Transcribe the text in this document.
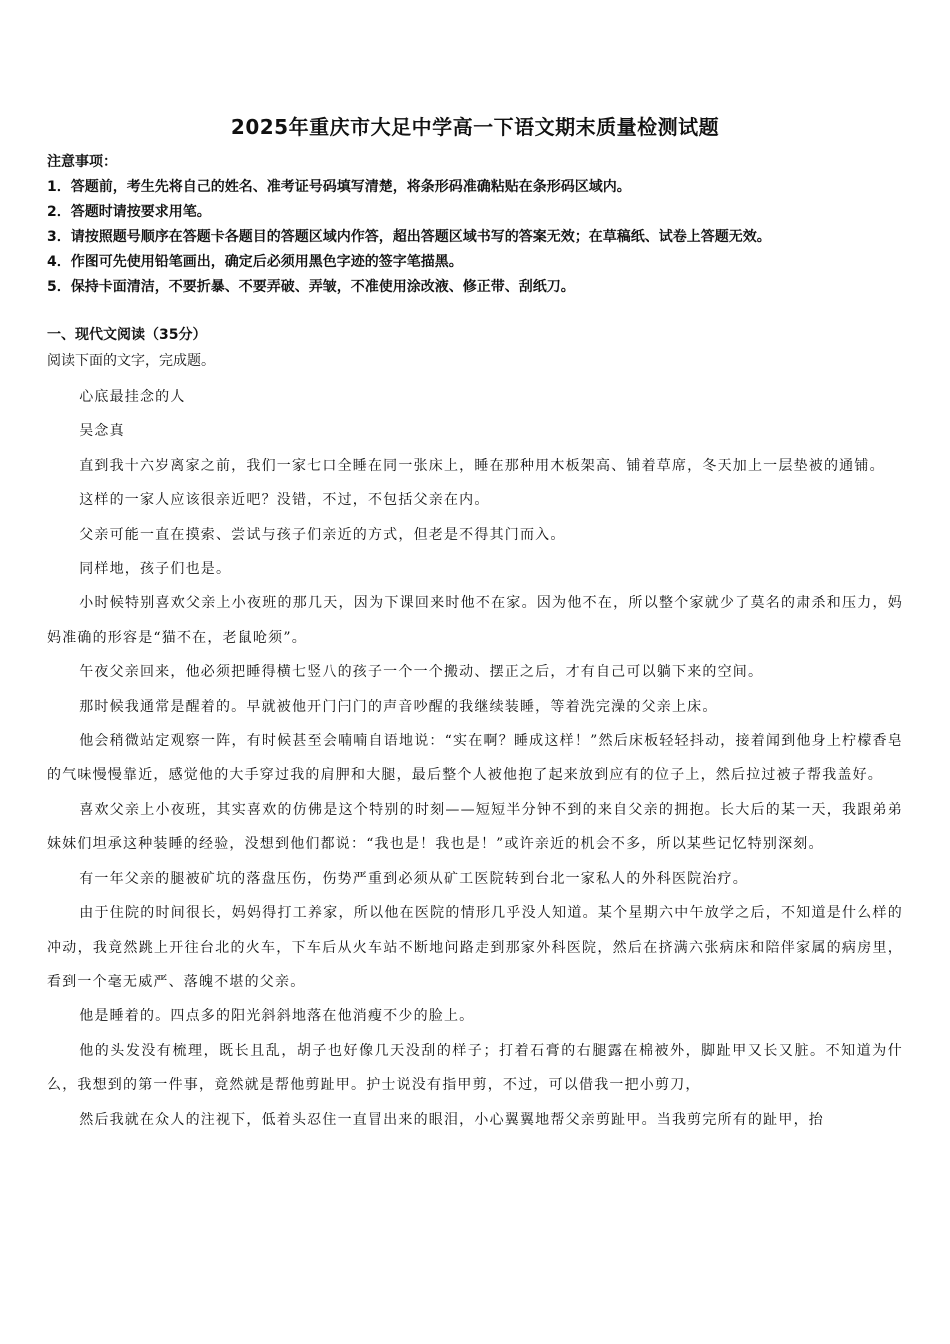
2025年重庆市大足中学高一下语文期末质量检测试题
注意事项：
1．答题前，考生先将自己的姓名、准考证号码填写清楚，将条形码准确粘贴在条形码区域内。
2．答题时请按要求用笔。
3．请按照题号顺序在答题卡各题目的答题区域内作答，超出答题区域书写的答案无效；在草稿纸、试卷上答题无效。
4．作图可先使用铅笔画出，确定后必须用黑色字迹的签字笔描黑。
5．保持卡面清洁，不要折暴、不要弄破、弄皱，不准使用涂改液、修正带、刮纸刀。
一、现代文阅读（35分）
阅读下面的文字，完成题。

心底最挂念的人

吴念真

直到我十六岁离家之前，我们一家七口全睡在同一张床上，睡在那种用木板架高、铺着草席，冬天加上一层垫被的通铺。

这样的一家人应该很亲近吧？没错，不过，不包括父亲在内。

父亲可能一直在摸索、尝试与孩子们亲近的方式，但老是不得其门而入。

同样地，孩子们也是。

小时候特别喜欢父亲上小夜班的那几天，因为下课回来时他不在家。因为他不在，所以整个家就少了莫名的肃杀和压力，妈妈准确的形容是“猫不在，老鼠呛须”。

午夜父亲回来，他必须把睡得横七竖八的孩子一个一个搬动、摆正之后，才有自己可以躺下来的空间。

那时候我通常是醒着的。早就被他开门闩门的声音吵醒的我继续装睡，等着洗完澡的父亲上床。

他会稍微站定观察一阵，有时候甚至会喃喃自语地说：“实在啊？睡成这样！”然后床板轻轻抖动，接着闻到他身上柠檬香皂的气味慢慢靠近，感觉他的大手穿过我的肩胛和大腿，最后整个人被他抱了起来放到应有的位子上，然后拉过被子帮我盖好。

喜欢父亲上小夜班，其实喜欢的仿佛是这个特别的时刻——短短半分钟不到的来自父亲的拥抱。长大后的某一天，我跟弟弟妹妹们坦承这种装睡的经验，没想到他们都说：“我也是！我也是！”或许亲近的机会不多，所以某些记忆特别深刻。

有一年父亲的腿被矿坑的落盘压伤，伤势严重到必须从矿工医院转到台北一家私人的外科医院治疗。

由于住院的时间很长，妈妈得打工养家，所以他在医院的情形几乎没人知道。某个星期六中午放学之后，不知道是什么样的冲动，我竟然跳上开往台北的火车，下车后从火车站不断地问路走到那家外科医院，然后在挤满六张病床和陪伴家属的病房里，看到一个毫无威严、落魄不堪的父亲。

他是睡着的。四点多的阳光斜斜地落在他消瘦不少的脸上。

他的头发没有梳理，既长且乱，胡子也好像几天没刮的样子；打着石膏的右腿露在棉被外，脚趾甲又长又脏。不知道为什么，我想到的第一件事，竟然就是帮他剪趾甲。护士说没有指甲剪，不过，可以借我一把小剪刀，

然后我就在众人的注视下，低着头忍住一直冒出来的眼泪，小心翼翼地帮父亲剪趾甲。当我剪完所有的趾甲，抬
